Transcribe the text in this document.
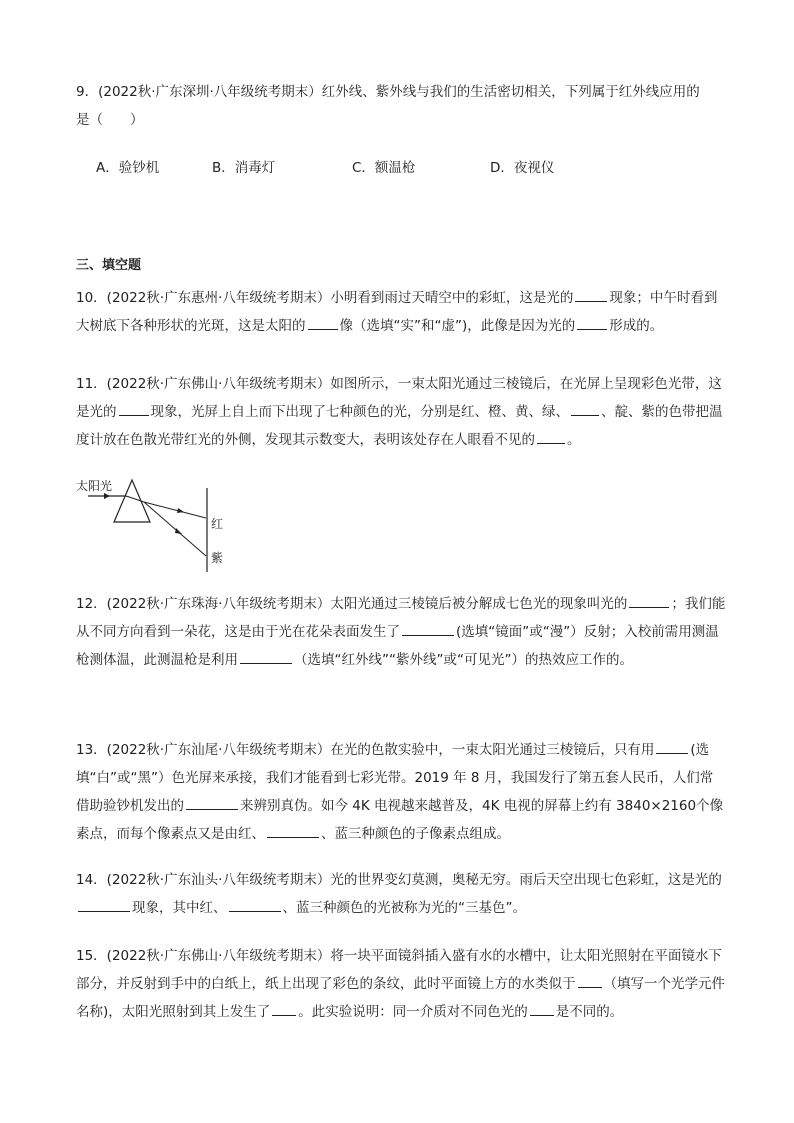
9．(2022秋·广东深圳·八年级统考期末）红外线、紫外线与我们的生活密切相关，下列属于红外线应用的
是（　　）
A．验钞机	B．消毒灯	C．额温枪	D．夜视仪
三、填空题
10．(2022秋·广东惠州·八年级统考期末）小明看到雨过天晴空中的彩虹，这是光的	现象；中午时看到大树底下各种形状的光斑，这是太阳的	像（选填“实”和“虚”)，此像是因为光的	形成的。
11．(2022秋·广东佛山·八年级统考期末）如图所示，一束太阳光通过三棱镜后，在光屏上呈现彩色光带，这是光的	现象，光屏上自上而下出现了七种颜色的光，分别是红、橙、黄、绿、 、靛、紫的色带把温度计放在色散光带红光的外侧，发现其示数变大，表明该处存在人眼看不见的 。
太阳光
红
紫
12．(2022秋·广东珠海·八年级统考期末）太阳光通过三棱镜后被分解成七色光的现象叫光的	；我们能从不同方向看到一朵花，这是由于光在花朵表面发生了	(选填“镜面”或“漫”）反射；入校前需用测温枪测体温，此测温枪是利用	（选填“红外线”“紫外线”或“可见光”）的热效应工作的。
13．(2022秋·广东汕尾·八年级统考期末）在光的色散实验中，一束太阳光通过三棱镜后，只有用	(选填“白”或“黑”）色光屏来承接，我们才能看到七彩光带。2019 年 8 月，我国发行了第五套人民币，人们常借助验钞机发出的	来辨别真伪。如今 4K 电视越来越普及，4K 电视的屏幕上约有 3840×2160个像素点，而每个像素点又是由红、	、蓝三种颜色的子像素点组成。
14．(2022秋·广东汕头·八年级统考期末）光的世界变幻莫测，奥秘无穷。雨后天空出现七色彩虹，这是光的现象，其中红、	、蓝三种颜色的光被称为光的“三基色”。
15．(2022秋·广东佛山·八年级统考期末）将一块平面镜斜插入盛有水的水槽中，让太阳光照射在平面镜水下部分，并反射到手中的白纸上，纸上出现了彩色的条纹，此时平面镜上方的水类似于 （填写一个光学元件名称)，太阳光照射到其上发生了 。此实验说明：同一介质对不同色光的 是不同的。
